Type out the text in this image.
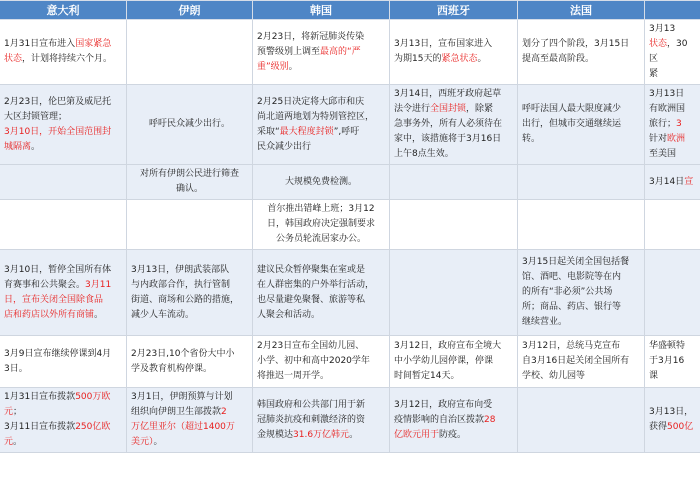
意大利	伊朗	韩国	西班牙	法国	

1月31日宣布进入国家紧急
状态，计划将持续六个月。		2月23日，将新冠肺炎传染
预警级别上调至最高的“严
重”级别。	3月13日，宣布国家进入
为期15天的紧急状态。	划分了四个阶段，3月15日
提高至最高阶段。	3月13
状态，30
区
紧

2月23日，伦巴第及威尼托
大区封锁管理；
3月10日，开始全国范围封
城隔离。	呼吁民众减少出行。	2月25日决定将大邱市和庆
尚北道两地划为特别管控区，
采取“最大程度封锁”,呼吁
民众减少出行	3月14日，西班牙政府起草
法令进行全国封锁，除紧
急事务外，所有人必须待在
家中，该措施将于3月16日
上午8点生效。	呼吁法国人最大限度减少
出行，但城市交通继续运
转。	3月13日
有欧洲国
旅行；3
针对欧洲
至美国

	对所有伊朗公民进行筛查
确认。	大规模免费检测。			3月14日宣

		首尔推出错峰上班；3月12
日，韩国政府决定强制要求
公务员轮流居家办公。			

3月10日，暂停全国所有体
育赛事和公共聚会。3月11
日，宣布关闭全国除食品
店和药店以外所有商铺。	3月13日，伊朗武装部队
与内政部合作，执行管制
街道、商场和公路的措施，
减少人车流动。	建议民众暂停聚集在室或是
在人群密集的户外举行活动，
也尽量避免聚餐、旅游等私
人聚会和活动。		3月15日起关闭全国包括餐
馆、酒吧、电影院等在内
的所有“非必须”公共场
所；商品、药店、银行等
继续营业。	

3月9日宣布继续停课到4月
3日。	2月23日,10个省份大中小
学及教育机构停课。	2月23日宣布全国幼儿园、
小学、初中和高中2020学年
将推迟一周开学。	3月12日，政府宣布全境大
中小学幼儿园停课，停课
时间暂定14天。	3月12日，总统马克宣布
自3月16日起关闭全国所有
学校、幼儿园等	华盛顿特
于3月16
课

1月31日宣布拨款500万欧
元；
3月11日宣布拨款250亿欧
元。	3月1日，伊朗预算与计划
组织向伊朗卫生部拨款2
万亿里亚尔（超过1400万
美元）。	韩国政府和公共部门用于新
冠肺炎抗疫和刺激经济的资
金规模达31.6万亿韩元。	3月12日，政府宣布向受
疫情影响的自治区拨款28
亿欧元用于防疫。		3月13日，
获得500亿
